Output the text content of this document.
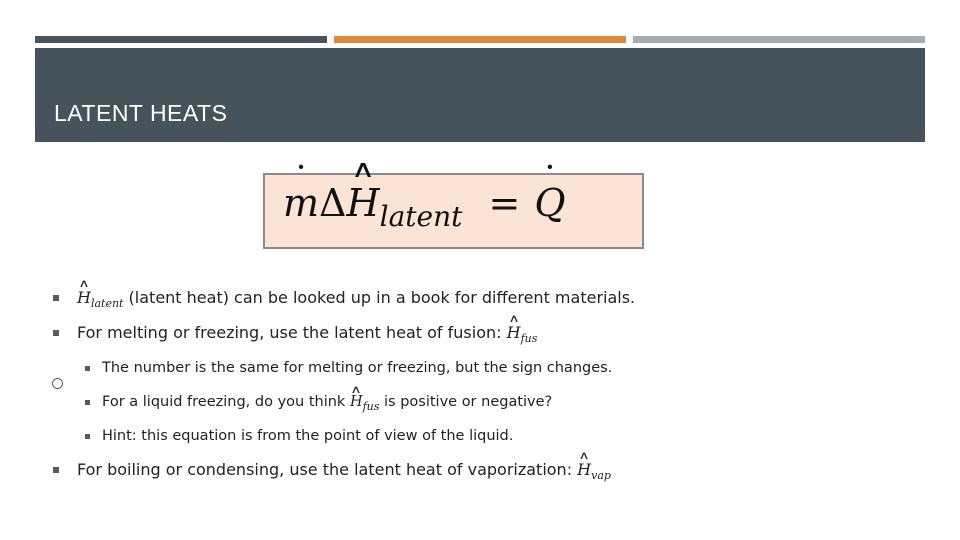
LATENT HEATS
˙ mΔ∧ $H_{latent}$ = ˙ Q
∧ $H_{latent}$ (latent heat) can be looked up in a book for different materials.
For melting or freezing, use the latent heat of fusion: ∧ $H_{fus}$
The number is the same for melting or freezing, but the sign changes.
For a liquid freezing, do you think ∧ $H_{fus}$ is positive or negative?
Hint: this equation is from the point of view of the liquid.
For boiling or condensing, use the latent heat of vaporization: ∧ $H_{vap}$
